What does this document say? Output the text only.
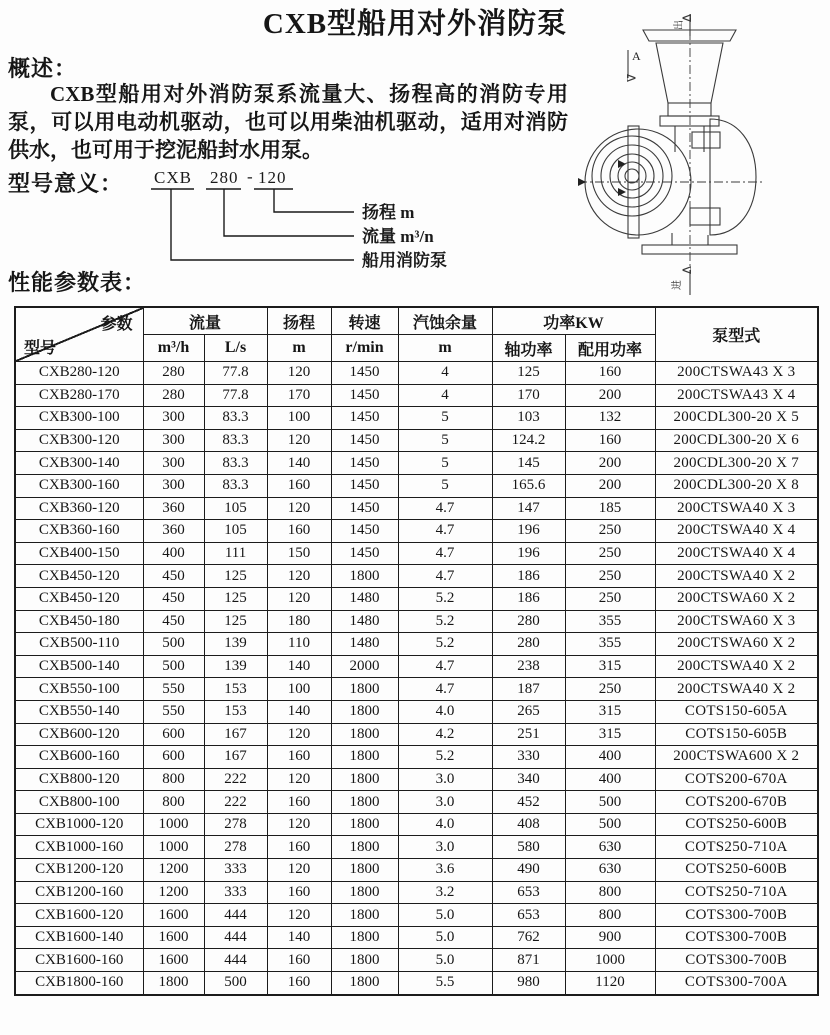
CXB型船用对外消防泵
概述：

CXB型船用对外消防泵系流量大、扬程高的消防专用泵，可以用电动机驱动，也可以用柴油机驱动，适用对消防供水，也可用于挖泥船封水用泵。

型号意义： CXB 280 - 120
扬程 m
流量 m³/n
船用消防泵
出
A
进
性能参数表：
参数
型号	流量		扬程	转速	汽蚀余量	功率KW		泵型式
	m³/h	L/s	m	r/min	m	轴功率	配用功率	
CXB280-120	280	77.8	120	1450	4	125	160	200CTSWA43 X 3
CXB280-170	280	77.8	170	1450	4	170	200	200CTSWA43 X 4
CXB300-100	300	83.3	100	1450	5	103	132	200CDL300-20 X 5
CXB300-120	300	83.3	120	1450	5	124.2	160	200CDL300-20 X 6
CXB300-140	300	83.3	140	1450	5	145	200	200CDL300-20 X 7
CXB300-160	300	83.3	160	1450	5	165.6	200	200CDL300-20 X 8
CXB360-120	360	105	120	1450	4.7	147	185	200CTSWA40 X 3
CXB360-160	360	105	160	1450	4.7	196	250	200CTSWA40 X 4
CXB400-150	400	111	150	1450	4.7	196	250	200CTSWA40 X 4
CXB450-120	450	125	120	1800	4.7	186	250	200CTSWA40 X 2
CXB450-120	450	125	120	1480	5.2	186	250	200CTSWA60 X 2
CXB450-180	450	125	180	1480	5.2	280	355	200CTSWA60 X 3
CXB500-110	500	139	110	1480	5.2	280	355	200CTSWA60 X 2
CXB500-140	500	139	140	2000	4.7	238	315	200CTSWA40 X 2
CXB550-100	550	153	100	1800	4.7	187	250	200CTSWA40 X 2
CXB550-140	550	153	140	1800	4.0	265	315	COTS150-605A
CXB600-120	600	167	120	1800	4.2	251	315	COTS150-605B
CXB600-160	600	167	160	1800	5.2	330	400	200CTSWA600 X 2
CXB800-120	800	222	120	1800	3.0	340	400	COTS200-670A
CXB800-100	800	222	160	1800	3.0	452	500	COTS200-670B
CXB1000-120	1000	278	120	1800	4.0	408	500	COTS250-600B
CXB1000-160	1000	278	160	1800	3.0	580	630	COTS250-710A
CXB1200-120	1200	333	120	1800	3.6	490	630	COTS250-600B
CXB1200-160	1200	333	160	1800	3.2	653	800	COTS250-710A
CXB1600-120	1600	444	120	1800	5.0	653	800	COTS300-700B
CXB1600-140	1600	444	140	1800	5.0	762	900	COTS300-700B
CXB1600-160	1600	444	160	1800	5.0	871	1000	COTS300-700B
CXB1800-160	1800	500	160	1800	5.5	980	1120	COTS300-700A
